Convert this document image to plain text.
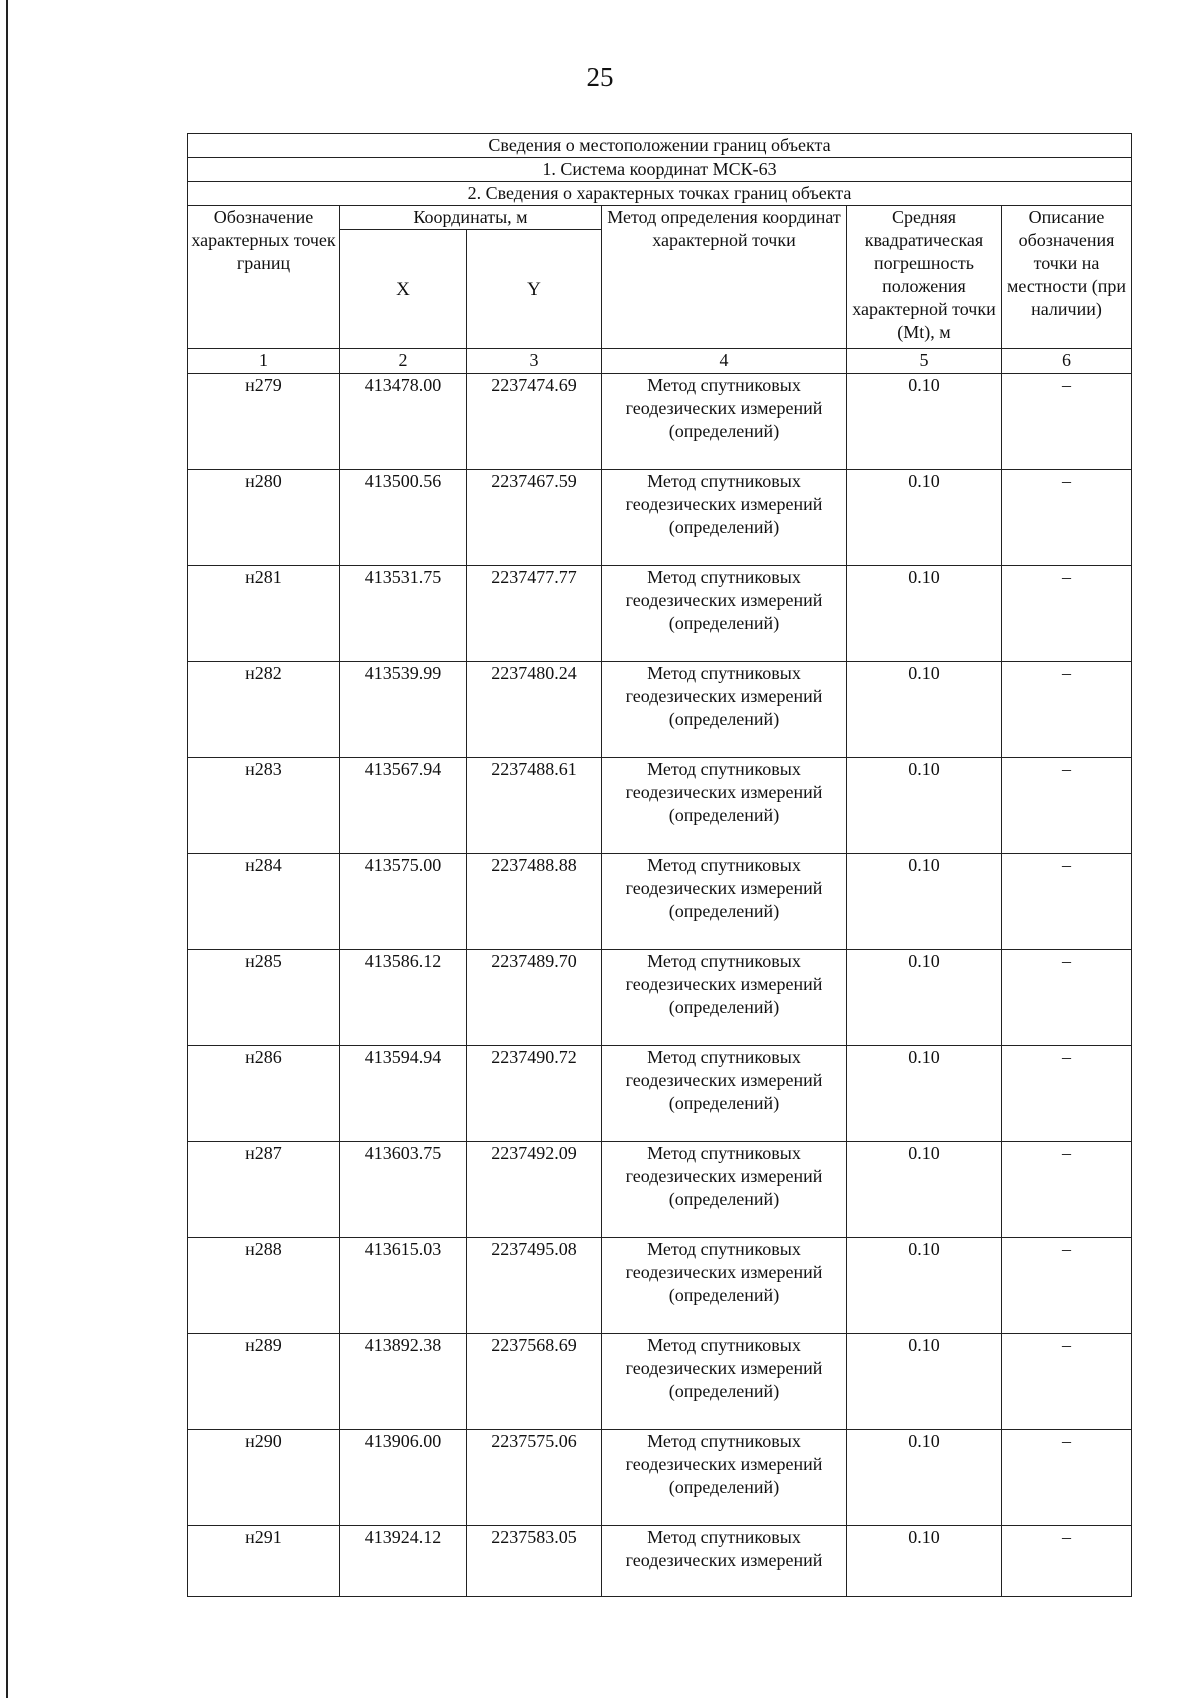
25
Сведения о местоположении границ объекта					
1. Система координат МСК-63					
2. Сведения о характерных точках границ объекта					
Обозначение характерных точек границ	Координаты, м		Метод определения координат характерной точки	Средняя квадратическая погрешность положения характерной точки (Mt), м	Описание обозначения точки на местности (при наличии)
	X	Y			
1	2	3	4	5	6
н279	413478.00	2237474.69	Метод спутниковых геодезических измерений (определений)	0.10	–
н280	413500.56	2237467.59	Метод спутниковых геодезических измерений (определений)	0.10	–
н281	413531.75	2237477.77	Метод спутниковых геодезических измерений (определений)	0.10	–
н282	413539.99	2237480.24	Метод спутниковых геодезических измерений (определений)	0.10	–
н283	413567.94	2237488.61	Метод спутниковых геодезических измерений (определений)	0.10	–
н284	413575.00	2237488.88	Метод спутниковых геодезических измерений (определений)	0.10	–
н285	413586.12	2237489.70	Метод спутниковых геодезических измерений (определений)	0.10	–
н286	413594.94	2237490.72	Метод спутниковых геодезических измерений (определений)	0.10	–
н287	413603.75	2237492.09	Метод спутниковых геодезических измерений (определений)	0.10	–
н288	413615.03	2237495.08	Метод спутниковых геодезических измерений (определений)	0.10	–
н289	413892.38	2237568.69	Метод спутниковых геодезических измерений (определений)	0.10	–
н290	413906.00	2237575.06	Метод спутниковых геодезических измерений (определений)	0.10	–
н291	413924.12	2237583.05	Метод спутниковых геодезических измерений	0.10	–
